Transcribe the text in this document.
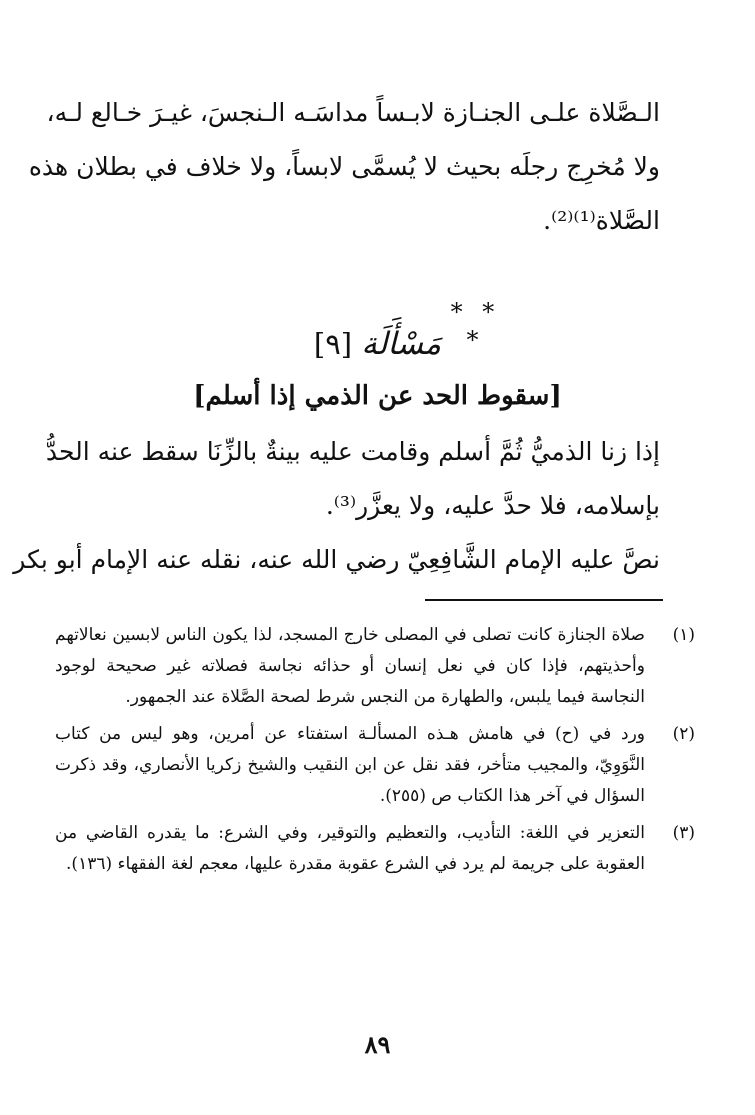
الـصَّلاة علـى الجنـازة لابـساً مداسَـه الـنجسَ، غيـرَ خـالع لـه،
ولا مُخرِج رجلَه بحيث لا يُسمَّى لابساً، ولا خلاف في بطلان هذه
الصَّلاة⁽¹⁾⁽²⁾.
* * *
مَسْأَلَة [٩]
[سقوط الحد عن الذمي إذا أسلم]
إذا زنا الذميُّ ثُمَّ أسلم وقامت عليه بينةٌ بالزِّنَا سقط عنه الحدُّ
بإسلامه، فلا حدَّ عليه، ولا يعزَّر⁽³⁾.
نصَّ عليه الإمام الشَّافِعِيّ رضي الله عنه، نقله عنه الإمام أبو بكر
(١)
صلاة الجنازة كانت تصلى في المصلى خارج المسجد، لذا يكون الناس لابسين نعالاتهم وأحذيتهم، فإذا كان في نعل إنسان أو حذائه نجاسة فصلاته غير صحيحة لوجود النجاسة فيما يلبس، والطهارة من النجس شرط لصحة الصَّلاة عند الجمهور.
(٢)
ورد في (ح) في هامش هـذه المسألـة استفتاء عن أمرين، وهو ليس من كتاب النَّوَوِيّ، والمجيب متأخر، فقد نقل عن ابن النقيب والشيخ زكريا الأنصاري، وقد ذكرت السؤال في آخر هذا الكتاب ص (٢٥٥).
(٣)
التعزير في اللغة: التأديب، والتعظيم والتوقير، وفي الشرع: ما يقدره القاضي من العقوبة على جريمة لم يرد في الشرع عقوبة مقدرة عليها، معجم لغة الفقهاء (١٣٦).
٨٩
